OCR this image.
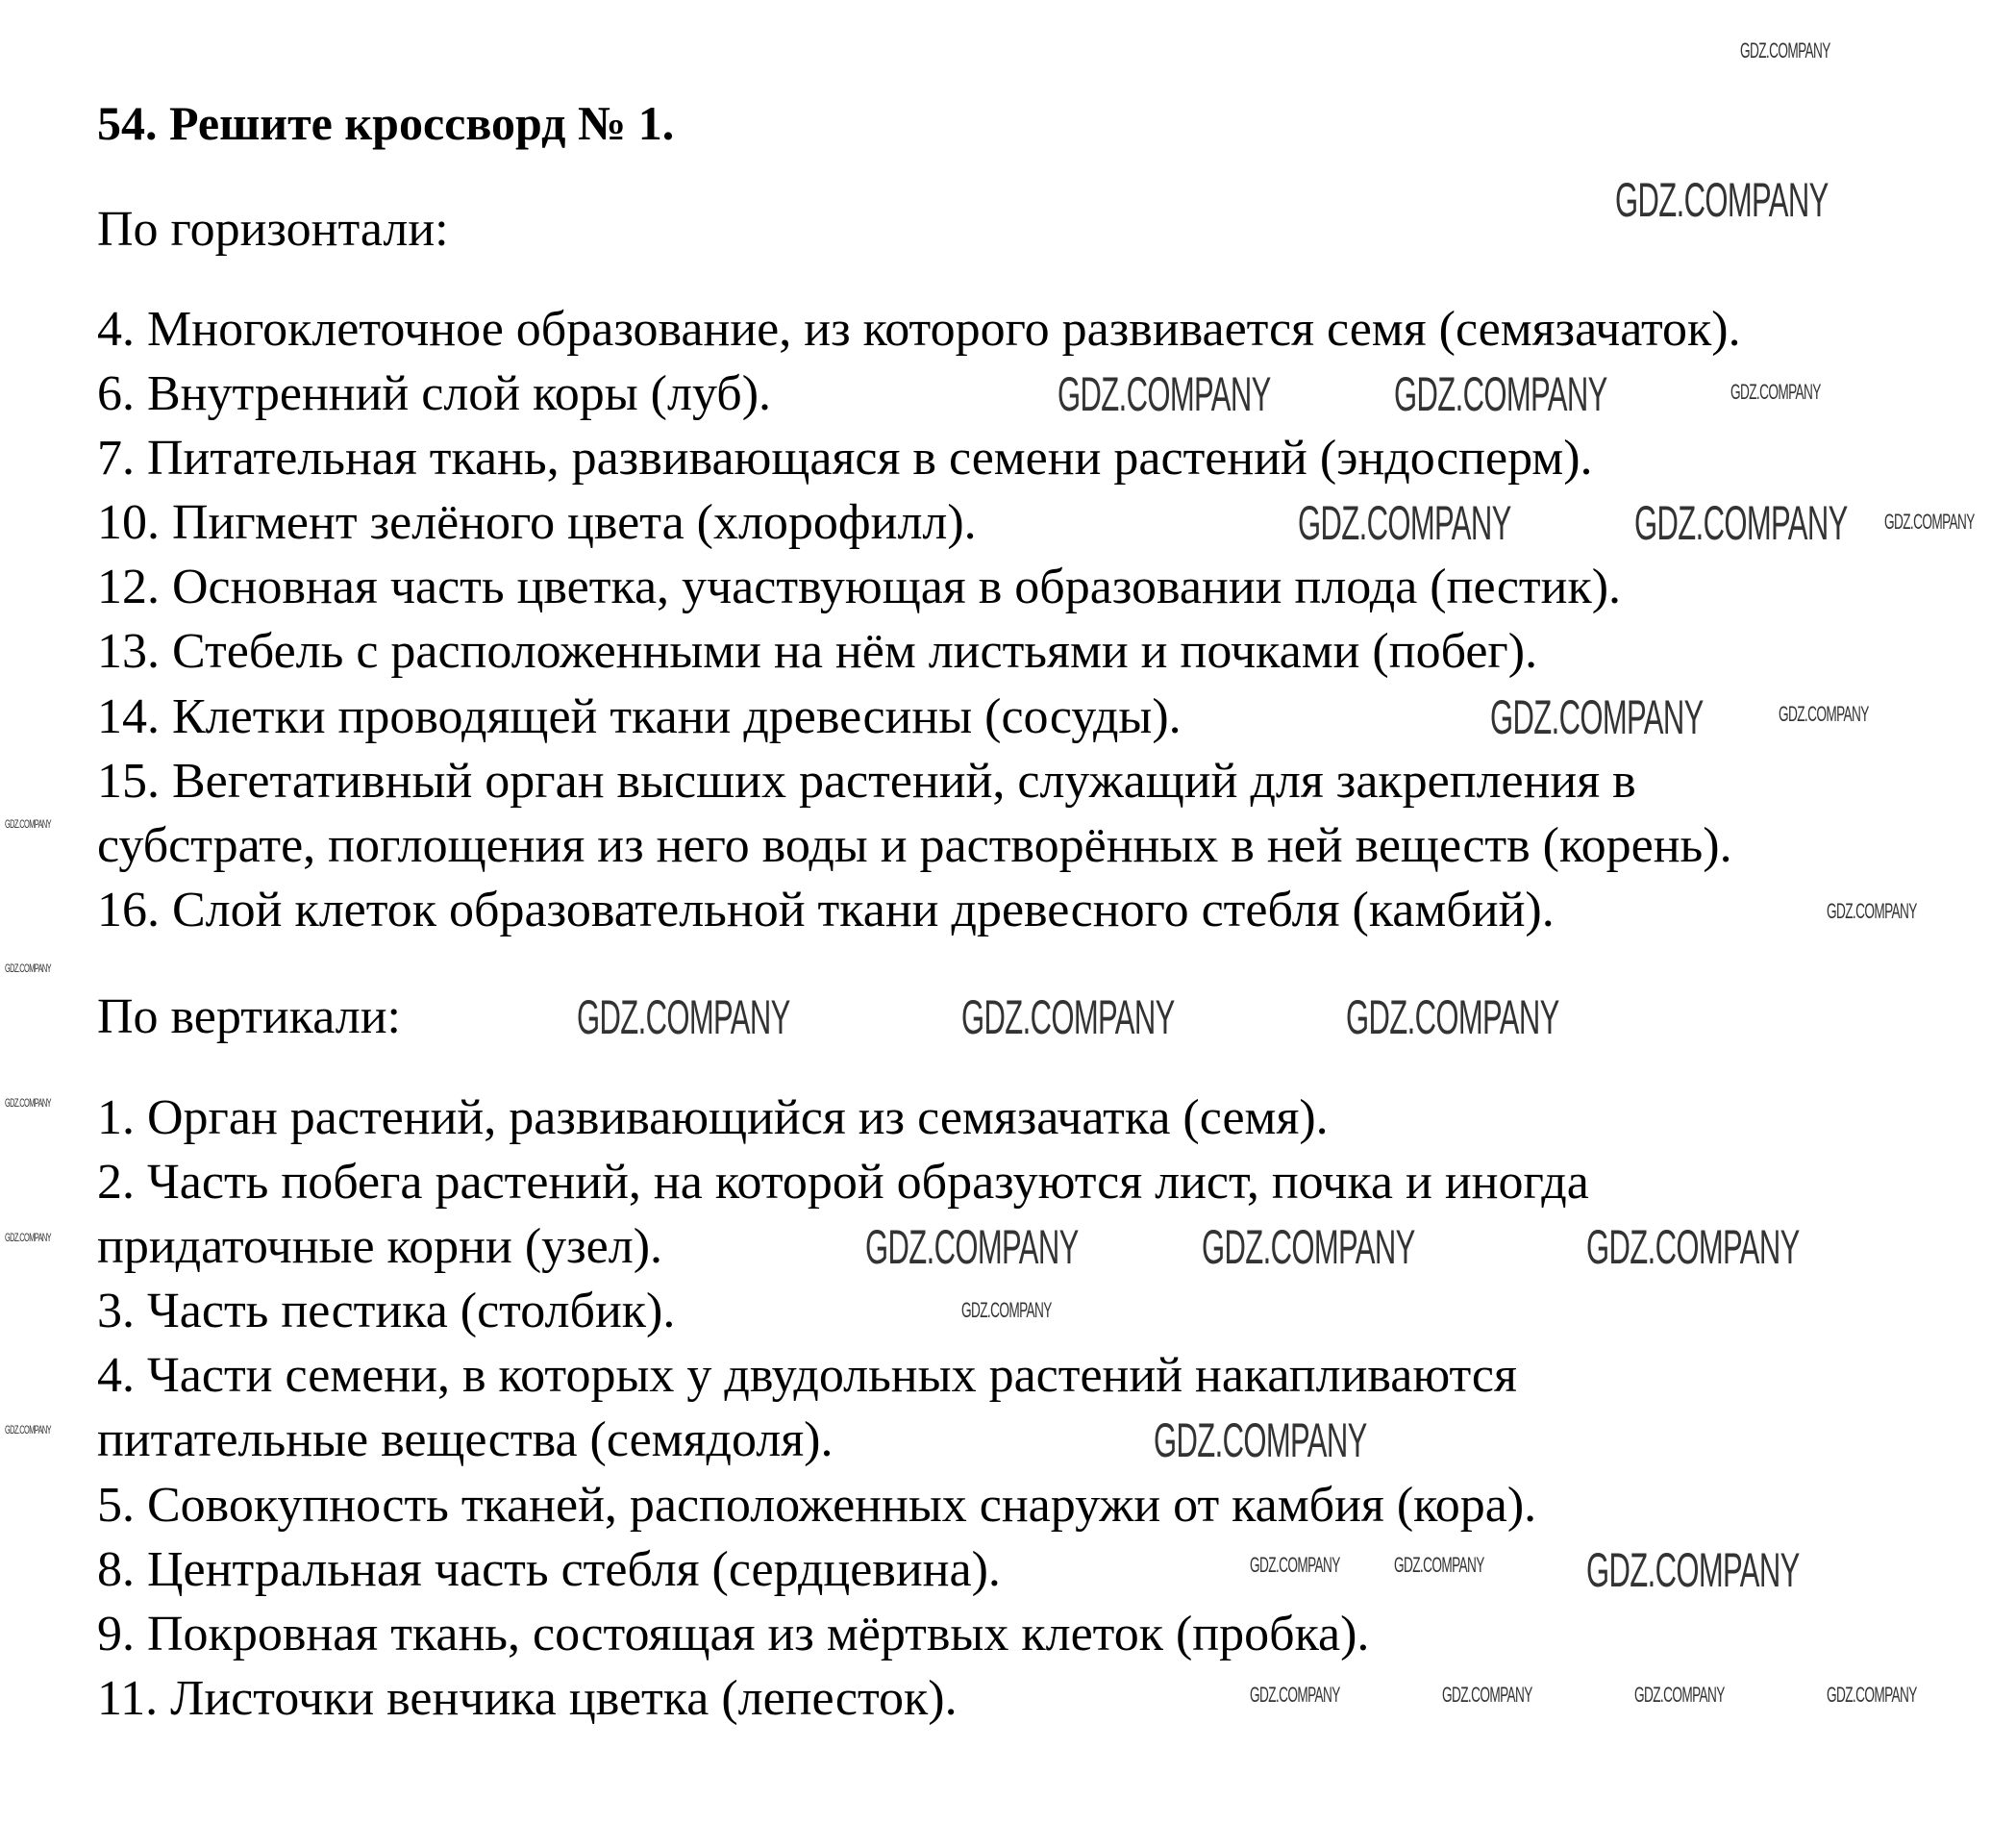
54. Решите кроссворд № 1.
По горизонтали:
4. Многоклеточное образование, из которого развивается семя (семязачаток).
6. Внутренний слой коры (луб).
7. Питательная ткань, развивающаяся в семени растений (эндосперм).
10. Пигмент зелёного цвета (хлорофилл).
12. Основная часть цветка, участвующая в образовании плода (пестик).
13. Стебель с расположенными на нём листьями и почками (побег).
14. Клетки проводящей ткани древесины (сосуды).
15. Вегетативный орган высших растений, служащий для закрепления в
субстрате, поглощения из него воды и растворённых в ней веществ (корень).
16. Слой клеток образовательной ткани древесного стебля (камбий).
По вертикали:
1. Орган растений, развивающийся из семязачатка (семя).
2. Часть побега растений, на которой образуются лист, почка и иногда
придаточные корни (узел).
3. Часть пестика (столбик).
4. Части семени, в которых у двудольных растений накапливаются
питательные вещества (семядоля).
5. Совокупность тканей, расположенных снаружи от камбия (кора).
8. Центральная часть стебля (сердцевина).
9. Покровная ткань, состоящая из мёртвых клеток (пробка).
11. Листочки венчика цветка (лепесток).
GDZ.COMPANY
GDZ.COMPANY
GDZ.COMPANY	GDZ.COMPANY	GDZ.COMPANY
GDZ.COMPANY	GDZ.COMPANY GDZ.COMPANY
GDZ.COMPANY	GDZ.COMPANY
GDZ.COMPANY
GDZ.COMPANY
GDZ.COMPANY
GDZ.COMPANY	GDZ.COMPANY	GDZ.COMPANY
GDZ.COMPANY
GDZ.COMPANY	GDZ.COMPANY	GDZ.COMPANY
GDZ.COMPANY
GDZ.COMPANY
GDZ.COMPANY
GDZ.COMPANY
GDZ.COMPANY	GDZ.COMPANY GDZ.COMPANY
GDZ.COMPANY	GDZ.COMPANY	GDZ.COMPANY	GDZ.COMPANY
